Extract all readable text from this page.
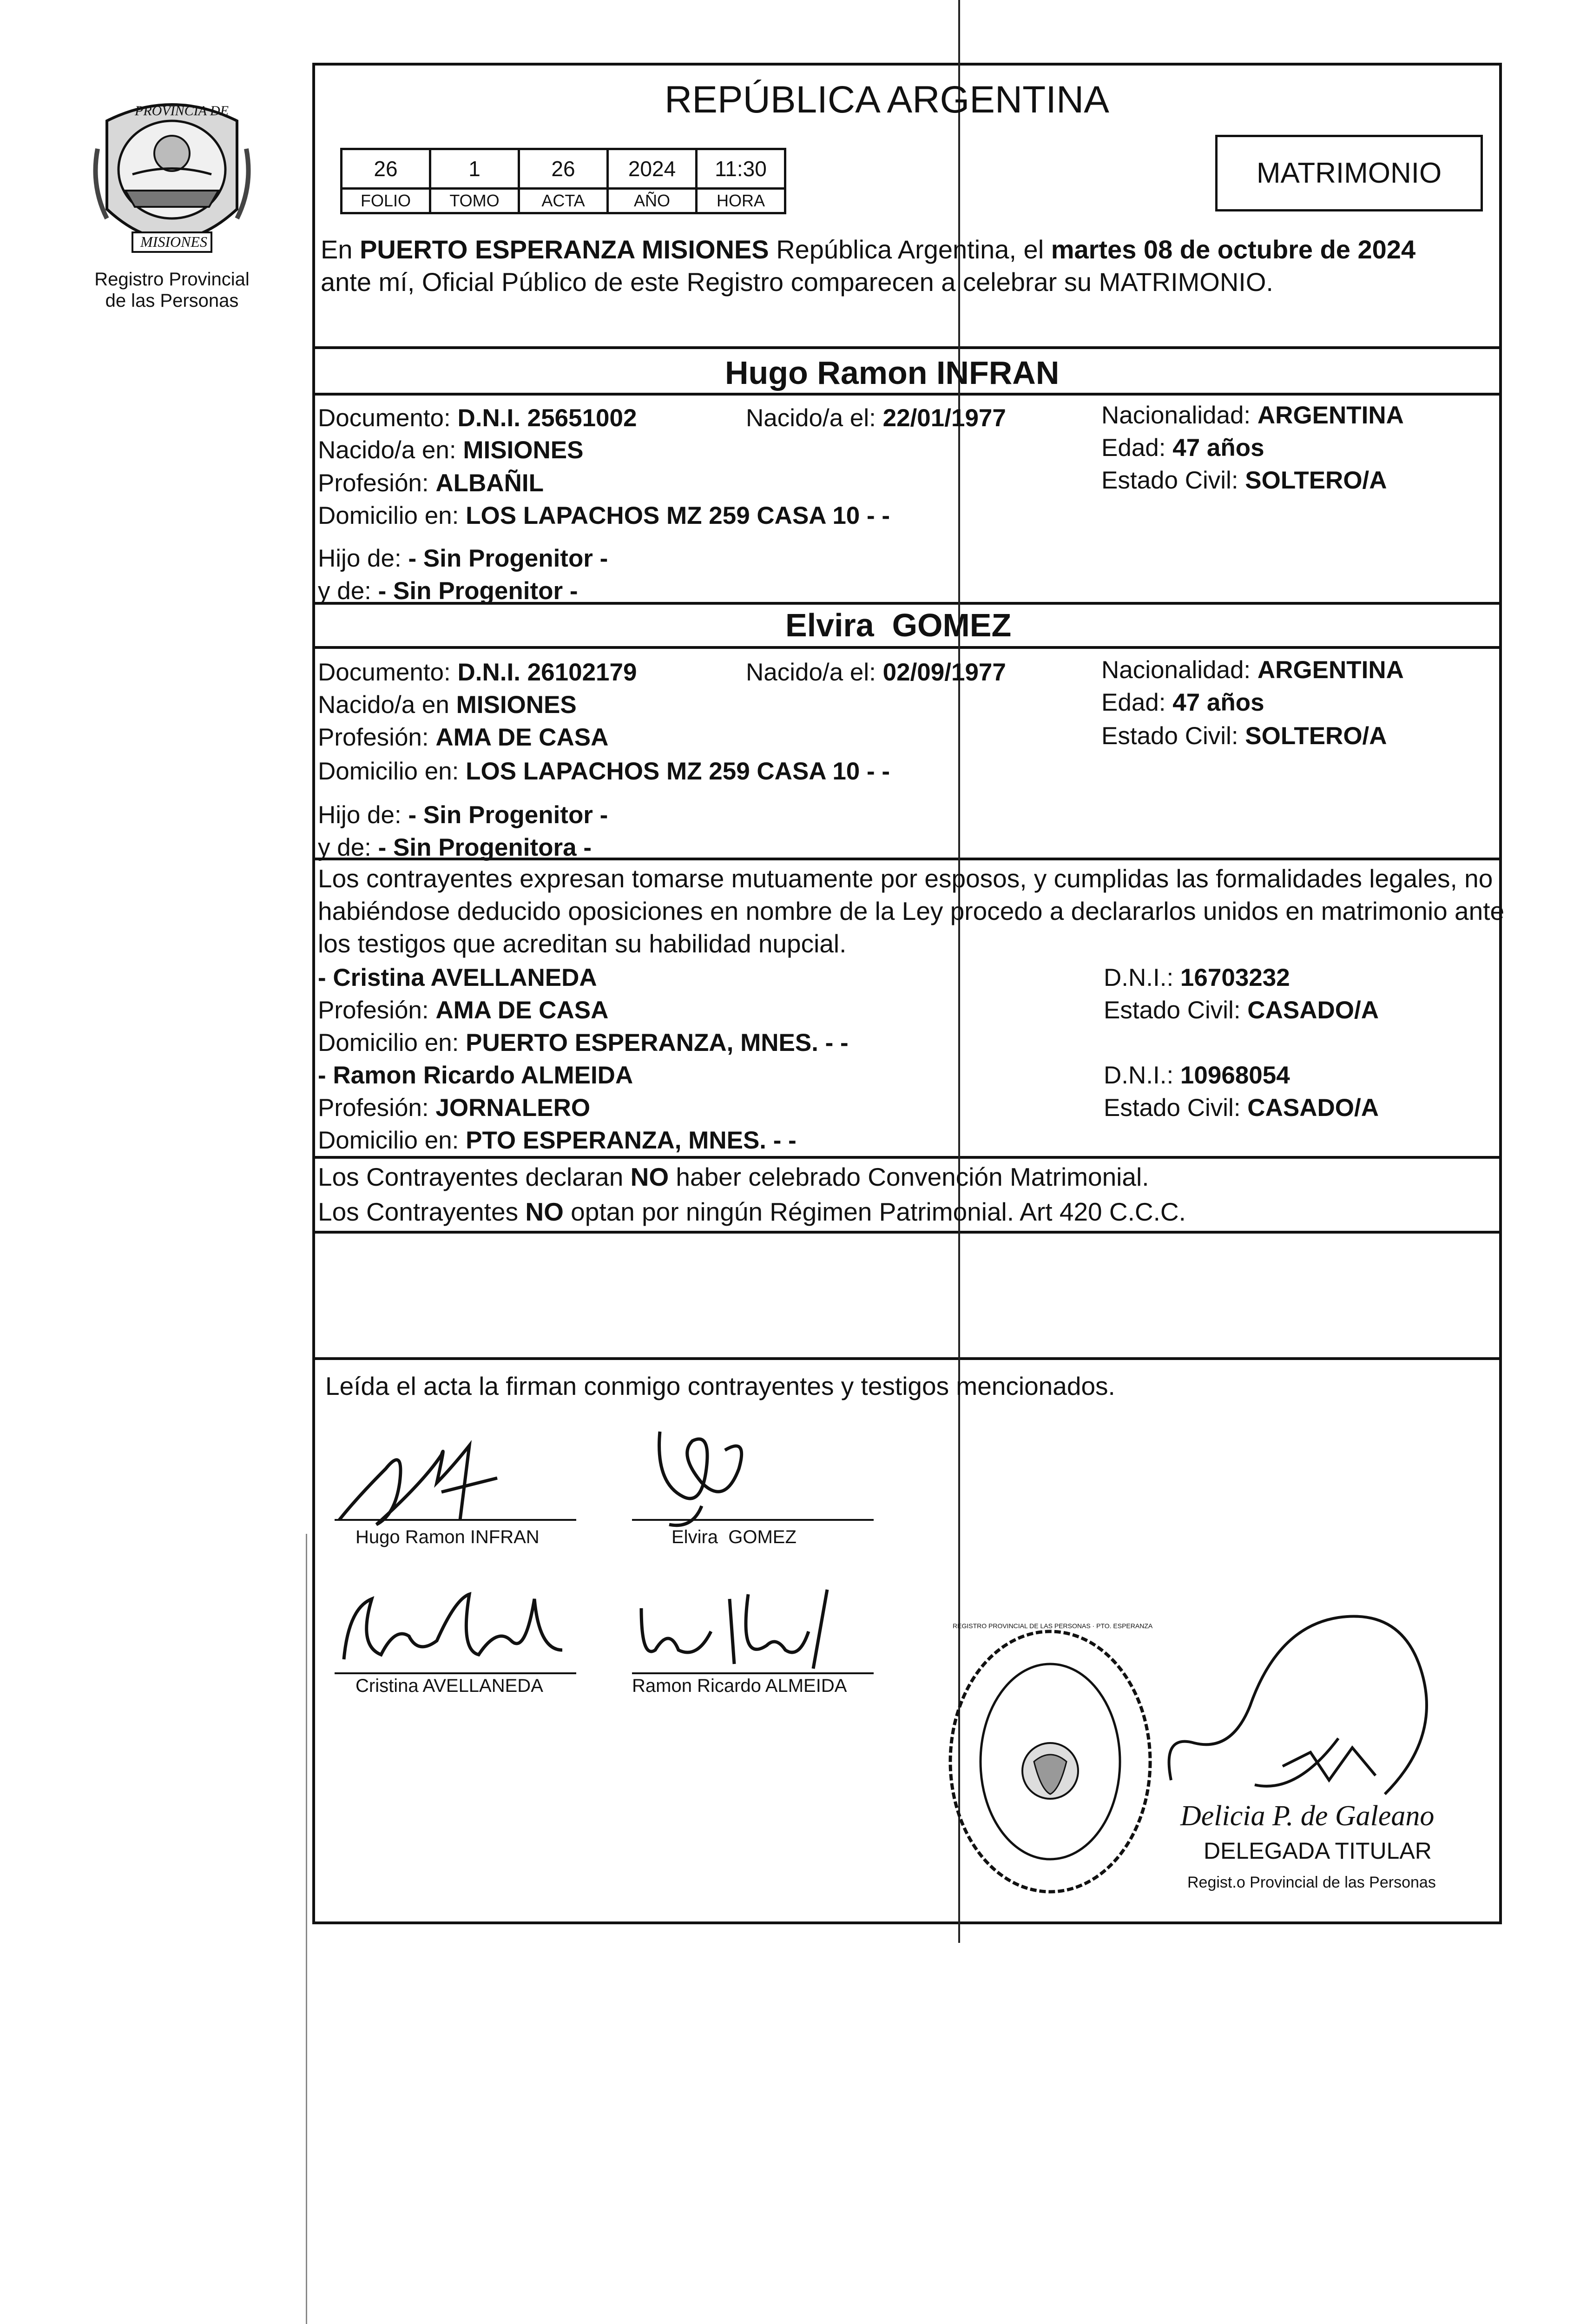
PROVINCIA DE
MISIONES
Registro Provincial
de las Personas
REPÚBLICA ARGENTINA
26	1	26	2024	11:30
FOLIO	TOMO	ACTA	AÑO	HORA
MATRIMONIO
En PUERTO ESPERANZA MISIONES República Argentina, el martes 08 de octubre de 2024
ante mí, Oficial Público de este Registro comparecen a celebrar su MATRIMONIO.
Hugo Ramon INFRAN
Documento: D.N.I. 25651002	Nacido/a el: 22/01/1977	Nacionalidad: ARGENTINA
Nacido/a en: MISIONES	Edad: 47 años
Profesión: ALBAÑIL	Estado Civil: SOLTERO/A
Domicilio en: LOS LAPACHOS MZ 259 CASA 10 - -
Hijo de: - Sin Progenitor -
y de: - Sin Progenitor -
Elvira  GOMEZ
Documento: D.N.I. 26102179	Nacido/a el: 02/09/1977	Nacionalidad: ARGENTINA
Nacido/a en MISIONES	Edad: 47 años
Profesión: AMA DE CASA	Estado Civil: SOLTERO/A
Domicilio en: LOS LAPACHOS MZ 259 CASA 10 - -
Hijo de: - Sin Progenitor -
y de: - Sin Progenitora -
Los contrayentes expresan tomarse mutuamente por esposos, y cumplidas las formalidades legales, no
habiéndose deducido oposiciones en nombre de la Ley procedo a declararlos unidos en matrimonio ante
los testigos que acreditan su habilidad nupcial.
- Cristina AVELLANEDA	D.N.I.: 16703232
Profesión: AMA DE CASA	Estado Civil: CASADO/A
Domicilio en: PUERTO ESPERANZA, MNES. - -
- Ramon Ricardo ALMEIDA	D.N.I.: 10968054
Profesión: JORNALERO	Estado Civil: CASADO/A
Domicilio en: PTO ESPERANZA, MNES. - -
Los Contrayentes declaran NO haber celebrado Convención Matrimonial.
Los Contrayentes NO optan por ningún Régimen Patrimonial. Art 420 C.C.C.
Leída el acta la firman conmigo contrayentes y testigos mencionados.
Hugo Ramon INFRAN	Elvira  GOMEZ
Cristina AVELLANEDA	Ramon Ricardo ALMEIDA
REGISTRO PROVINCIAL DE LAS PERSONAS · PTO. ESPERANZA
Delicia P. de Galeano
DELEGADA TITULAR
Regist.o Provincial de las Personas
